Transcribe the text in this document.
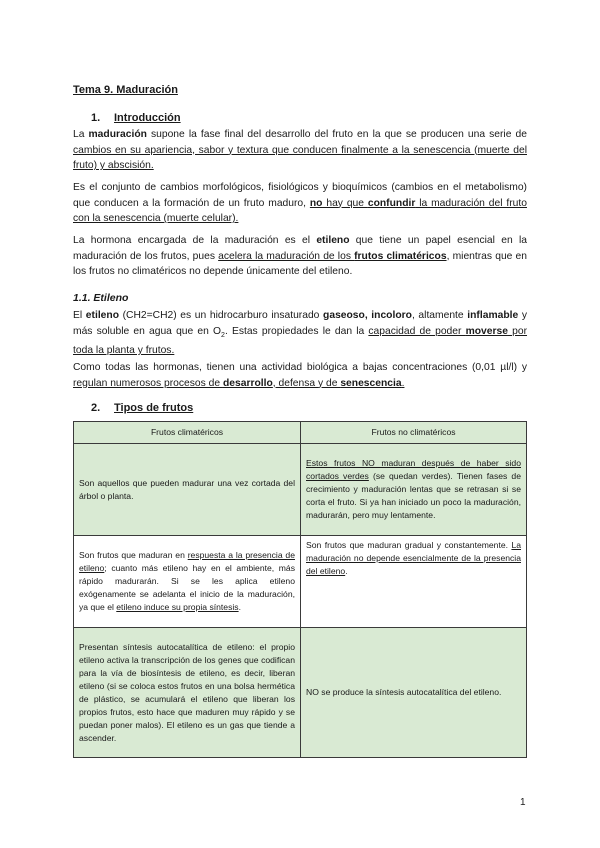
Tema 9. Maduración
1. Introducción
La maduración supone la fase final del desarrollo del fruto en la que se producen una serie de cambios en su apariencia, sabor y textura que conducen finalmente a la senescencia (muerte del fruto) y abscisión.
Es el conjunto de cambios morfológicos, fisiológicos y bioquímicos (cambios en el metabolismo) que conducen a la formación de un fruto maduro, no hay que confundir la maduración del fruto con la senescencia (muerte celular).
La hormona encargada de la maduración es el etileno que tiene un papel esencial en la maduración de los frutos, pues acelera la maduración de los frutos climatéricos, mientras que en los frutos no climatéricos no depende únicamente del etileno.
1.1. Etileno
El etileno (CH2=CH2) es un hidrocarburo insaturado gaseoso, incoloro, altamente inflamable y más soluble en agua que en $O_2$. Estas propiedades le dan la capacidad de poder moverse por toda la planta y frutos.
Como todas las hormonas, tienen una actividad biológica a bajas concentraciones (0,01 µl/l) y regulan numerosos procesos de desarrollo, defensa y de senescencia.
2. Tipos de frutos
Frutos climatéricos	Frutos no climatéricos
Son aquellos que pueden madurar una vez cortada del árbol o planta.	Estos frutos NO maduran después de haber sido cortados verdes (se quedan verdes). Tienen fases de crecimiento y maduración lentas que se retrasan si se corta el fruto. Si ya han iniciado un poco la maduración, madurarán, pero muy lentamente.
Son frutos que maduran en respuesta a la presencia de etileno; cuanto más etileno hay en el ambiente, más rápido madurarán. Si se les aplica etileno exógenamente se adelanta el inicio de la maduración, ya que el etileno induce su propia síntesis.	Son frutos que maduran gradual y constantemente. La maduración no depende esencialmente de la presencia del etileno.
Presentan síntesis autocatalítica de etileno: el propio etileno activa la transcripción de los genes que codifican para la vía de biosíntesis de etileno, es decir, liberan etileno (si se coloca estos frutos en una bolsa hermética de plástico, se acumulará el etileno que liberan los propios frutos, esto hace que maduren muy rápido y se puedan poner malos). El etileno es un gas que tiende a ascender.	NO se produce la síntesis autocatalítica del etileno.
1
